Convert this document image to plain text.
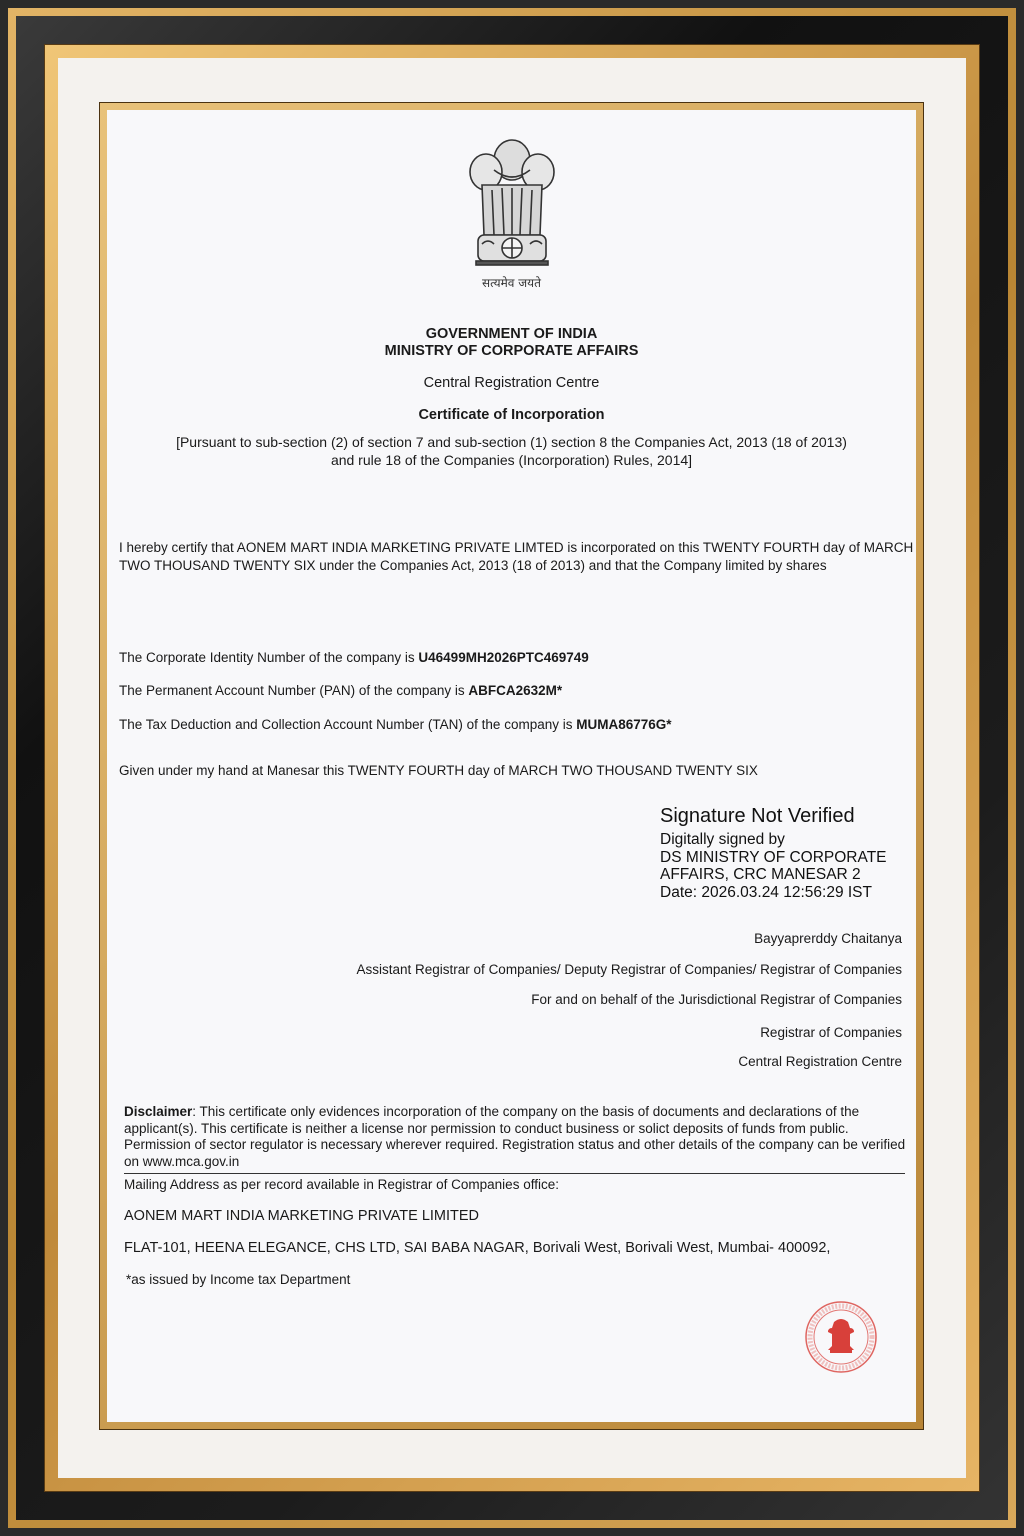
सत्यमेव जयते
GOVERNMENT OF INDIA
MINISTRY OF CORPORATE AFFAIRS
Central Registration Centre
Certificate of Incorporation
[Pursuant to sub-section (2) of section 7 and sub-section (1) section 8 the Companies Act, 2013 (18 of 2013)
and rule 18 of the Companies (Incorporation) Rules, 2014]
I hereby certify that AONEM MART INDIA MARKETING PRIVATE LIMTED is incorporated on this TWENTY FOURTH day of MARCH TWO THOUSAND TWENTY SIX under the Companies Act, 2013 (18 of 2013) and that the Company limited by shares
The Corporate Identity Number of the company is U46499MH2026PTC469749
The Permanent Account Number (PAN) of the company is ABFCA2632M*
The Tax Deduction and Collection Account Number (TAN) of the company is MUMA86776G*
Given under my hand at Manesar this TWENTY FOURTH day of MARCH TWO THOUSAND TWENTY SIX
Signature Not Verified
Digitally signed by
DS MINISTRY OF CORPORATE
AFFAIRS, CRC MANESAR 2
Date: 2026.03.24 12:56:29 IST
Bayyaprerddy Chaitanya
Assistant Registrar of Companies/ Deputy Registrar of Companies/ Registrar of Companies
For and on behalf of the Jurisdictional Registrar of Companies
Registrar of Companies
Central Registration Centre
Disclaimer: This certificate only evidences incorporation of the company on the basis of documents and declarations of the applicant(s). This certificate is neither a license nor permission to conduct business or solict deposits of funds from public. Permission of sector regulator is necessary wherever required. Registration status and other details of the company can be verified on www.mca.gov.in
Mailing Address as per record available in Registrar of Companies office:
AONEM MART INDIA MARKETING PRIVATE LIMITED
FLAT-101, HEENA ELEGANCE, CHS LTD, SAI BABA NAGAR, Borivali West, Borivali West, Mumbai- 400092,
*as issued by Income tax Department
